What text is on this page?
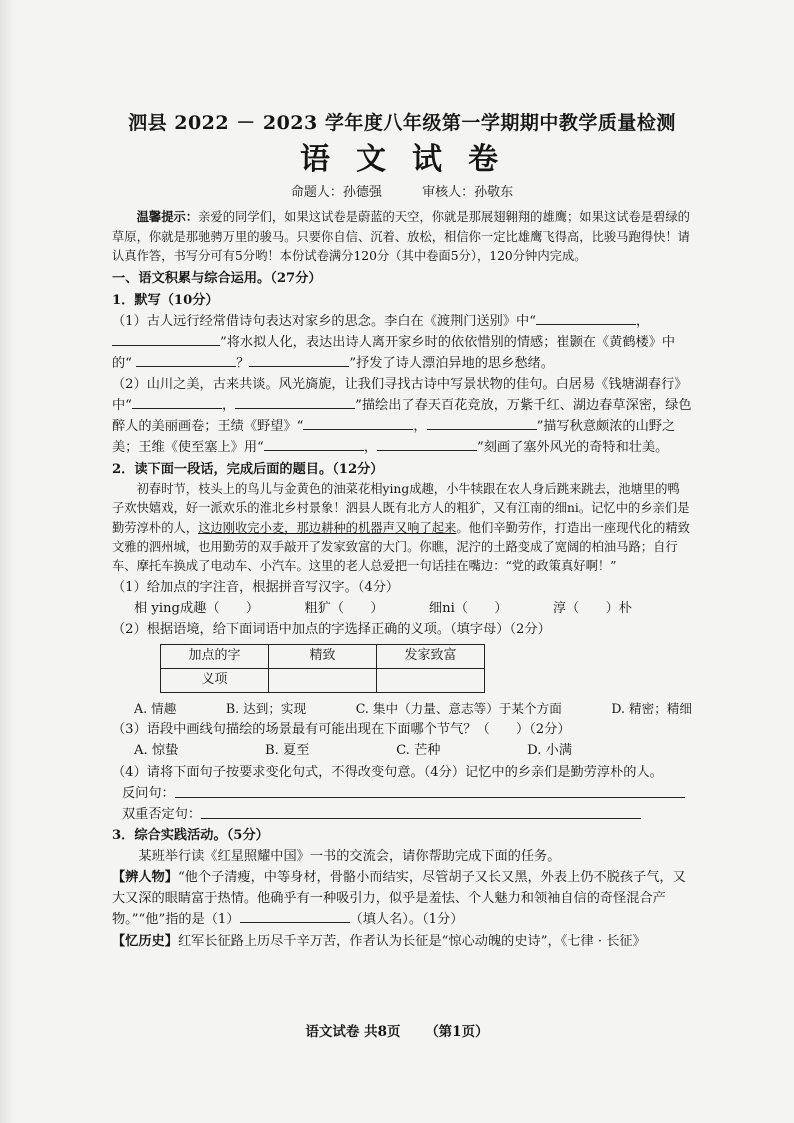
泗县 2022 － 2023 学年度八年级第一学期期中教学质量检测
语文试卷
命题人：孙德强	审核人：孙敬东

温馨提示：亲爱的同学们，如果这试卷是蔚蓝的天空，你就是那展翅翱翔的雄鹰；如果这试卷是碧绿的草原，你就是那驰骋万里的骏马。只要你自信、沉着、放松，相信你一定比雄鹰飞得高，比骏马跑得快！请认真作答，书写分可有5分哟！本份试卷满分120分（其中卷面5分），120分钟内完成。

一、语文积累与综合运用。（27分）
1．默写（10分）

（1）古人远行经常借诗句表达对家乡的思念。李白在《渡荆门送别》中“	，
”将水拟人化，表达出诗人离开家乡时的依依惜别的情感；崔颢在《黄鹤楼》中的“	？	”抒发了诗人漂泊异地的思乡愁绪。

（2）山川之美，古来共谈。风光旖旎，让我们寻找古诗中写景状物的佳句。白居易《钱塘湖春行》中“	，	”描绘出了春天百花竞放，万紫千红、湖边春草深密，绿色醉人的美丽画卷；王绩《野望》“	，	”描写秋意颇浓的山野之美；王维《使至塞上》用“	，	”刻画了塞外风光的奇特和壮美。

2．读下面一段话，完成后面的题目。（12分）

初春时节，枝头上的鸟儿与金黄色的油菜花相ying成趣，小牛犊跟在农人身后跳来跳去，池塘里的鸭子欢快嬉戏，好一派欢乐的淮北乡村景象！泗县人既有北方人的粗犷，又有江南的细ni。记忆中的乡亲们是勤劳淳朴的人，这边刚收完小麦，那边耕种的机器声又响了起来。他们辛勤劳作，打造出一座现代化的精致文雅的泗州城，也用勤劳的双手敲开了发家致富的大门。你瞧，泥泞的土路变成了宽阔的柏油马路；自行车、摩托车换成了电动车、小汽车。这里的老人总爱把一句话挂在嘴边：“党的政策真好啊！”

（1）给加点的字注音，根据拼音写汉字。（4分）
相 ying成趣（　　）	粗犷（　　）	细ni（　　）	淳（　　）朴
（2）根据语境，给下面词语中加点的字选择正确的义项。（填字母）（2分）
加点的字	精致	发家致富
义项		
A. 情趣	B. 达到；实现	C. 集中（力量、意志等）于某个方面	D. 精密；精细
（3）语段中画线句描绘的场景最有可能出现在下面哪个节气？（　　）（2分）
A. 惊蛰	B. 夏至	C. 芒种	D. 小满
（4）请将下面句子按要求变化句式，不得改变句意。（4分）记忆中的乡亲们是勤劳淳朴的人。
反问句：
双重否定句：
3．综合实践活动。（5分）

某班举行读《红星照耀中国》一书的交流会，请你帮助完成下面的任务。

【辨人物】“他个子清瘦，中等身材，骨骼小而结实，尽管胡子又长又黑，外表上仍不脱孩子气，又大又深的眼睛富于热情。他确乎有一种吸引力，似乎是羞怯、个人魅力和领袖自信的奇怪混合产物。”“他”指的是（1）	（填人名）。（1分）

【忆历史】红军长征路上历尽千辛万苦，作者认为长征是“惊心动魄的史诗”，《七律 · 长征》

语文试卷 共8页 （第1页）
